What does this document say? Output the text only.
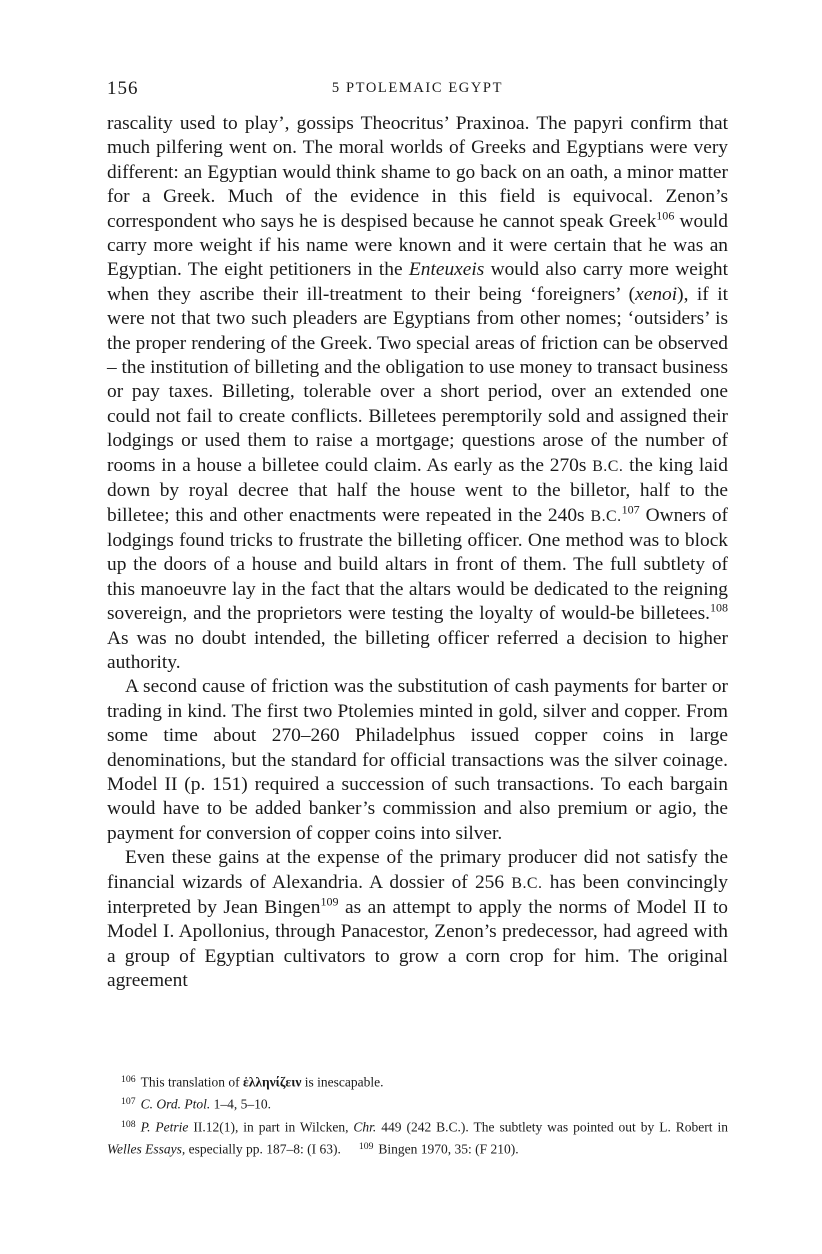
156	5 PTOLEMAIC EGYPT

rascality used to play’, gossips Theocritus’ Praxinoa. The papyri confirm that much pilfering went on. The moral worlds of Greeks and Egyptians were very different: an Egyptian would think shame to go back on an oath, a minor matter for a Greek. Much of the evidence in this field is equivocal. Zenon’s correspondent who says he is despised because he cannot speak Greek$^{106}$ would carry more weight if his name were known and it were certain that he was an Egyptian. The eight petitioners in the Enteuxeis would also carry more weight when they ascribe their ill-treatment to their being ‘foreigners’ (xenoi), if it were not that two such pleaders are Egyptians from other nomes; ‘outsiders’ is the proper rendering of the Greek. Two special areas of friction can be observed – the institution of billeting and the obligation to use money to transact business or pay taxes. Billeting, tolerable over a short period, over an extended one could not fail to create conflicts. Billetees peremptorily sold and assigned their lodgings or used them to raise a mortgage; questions arose of the number of rooms in a house a billetee could claim. As early as the 270s B.C. the king laid down by royal decree that half the house went to the billetor, half to the billetee; this and other enactments were repeated in the 240s B.C.$^{107}$ Owners of lodgings found tricks to frustrate the billeting officer. One method was to block up the doors of a house and build altars in front of them. The full subtlety of this manoeuvre lay in the fact that the altars would be dedicated to the reigning sovereign, and the proprietors were testing the loyalty of would-be billetees.$^{108}$ As was no doubt intended, the billeting officer referred a decision to higher authority.

A second cause of friction was the substitution of cash payments for barter or trading in kind. The first two Ptolemies minted in gold, silver and copper. From some time about 270–260 Philadelphus issued copper coins in large denominations, but the standard for official transactions was the silver coinage. Model II (p. 151) required a succession of such transactions. To each bargain would have to be added banker’s commission and also premium or agio, the payment for conversion of copper coins into silver.

Even these gains at the expense of the primary producer did not satisfy the financial wizards of Alexandria. A dossier of 256 B.C. has been convincingly interpreted by Jean Bingen$^{109}$ as an attempt to apply the norms of Model II to Model I. Apollonius, through Panacestor, Zenon’s predecessor, had agreed with a group of Egyptian cultivators to grow a corn crop for him. The original agreement

$^{106}$ This translation of ἑλληνίζειν is inescapable.

$^{107}$ C. Ord. Ptol. 1–4, 5–10.

$^{108}$ P. Petrie II.12(1), in part in Wilcken, Chr. 449 (242 B.C.). The subtlety was pointed out by L. Robert in Welles Essays, especially pp. 187–8: (I 63). $^{109}$ Bingen 1970, 35: (F 210).
